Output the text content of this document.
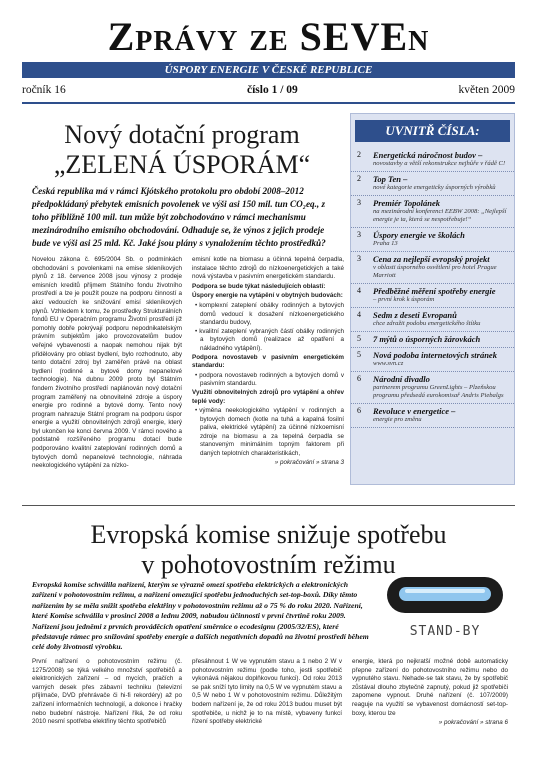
Zprávy ze SEVEn
ÚSPORY ENERGIE V ČESKÉ REPUBLICE
ročník 16	číslo 1 / 09	květen 2009
Nový dotační program
„ZELENÁ ÚSPORÁM“
Česká republika má v rámci Kjótského protokolu pro období 2008–2012 předpokládaný přebytek emisních povolenek ve výši asi 150 mil. tun CO₂eq., z toho přibližně 100 mil. tun může být zobchodováno v rámci mechanismu mezinárodního emisního obchodování. Odhaduje se, že výnos z jejich prodeje bude ve výši asi 25 mld. Kč. Jaké jsou plány s vynaložením těchto prostředků?

Novelou zákona č. 695/2004 Sb. o podmínkách obchodování s povolenkami na emise skleníkových plynů z 18. července 2008 jsou výnosy z prodeje emisních kreditů příjmem Státního fondu životního prostředí a lze je použít pouze na podporu činností a akcí vedoucích ke snižování emisí skleníkových plynů. Vzhledem k tomu, že prostředky Strukturálních fondů EU v Operačním programu Životní prostředí již pomohly dobře pokrývají podporu nepodnikatelským právním subjektům jako provozovatelům budov veřejné vybavenosti a naopak nemohou nijak být přidělovány pro oblast bydlení, bylo rozhodnuto, aby tento dotační zdroj byl zaměřen právě na oblast bydlení (rodinné a bytové domy nepanelové technologie). Na dubnu 2009 proto byl Státním fondem životního prostředí naplánován nový dotační program zaměřený na obnovitelné zdroje a úspory energie pro rodinné a bytové domy. Tento nový program nahrazuje Státní program na podporu úspor energie a využití obnovitelných zdrojů energie, který byl ukončen ke konci června 2009. V rámci nového a podstatně rozšířeného programu dotací bude podporováno kvalitní zateplování rodinných domů a bytových domů nepanelové technologie, náhrada neekologického vytápění za nízko-

emisní kotle na biomasu a účinná tepelná čerpadla, instalace těchto zdrojů do nízkoenergetických a také nová výstavba v pasivním energetickém standardu.

Podpora se bude týkat následujících oblastí:

Úspory energie na vytápění v obytných budovách:

• komplexní zateplení obálky rodinných a bytových domů vedoucí k dosažení nízkoenergetického standardu budovy,
• kvalitní zateplení vybraných částí obálky rodinných a bytových domů (realizace až opatření a nákladného vytápění).

Podpora novostaveb v pasivním energetickém standardu:

• podpora novostaveb rodinných a bytových domů v pasivním standardu.

Využití obnovitelných zdrojů pro vytápění a ohřev teplé vody:

• výměna neekologického vytápění v rodinných a bytových domech (kotle na tuhá a kapalná fosilní paliva, elektrické vytápění) za účinné nízkoemisní zdroje na biomasu a za tepelná čerpadla se stanoveným minimálním topným faktorem při daných teplotních charakteristikách,

» pokračování » strana 3

UVNITŘ ČÍSLA:
2 Energetická náročnost budov –
novostavby a větší rekonstrukce nejhůře v řádě C!
2 Top Ten –
nové kategorie energeticky úsporných výrobků
3 Premiér Topolánek
na mezinárodní konferenci EEBW 2008: „Nejlepší energie je ta, která se nespotřebuje!“
3 Úspory energie ve školách
Praha 13
3 Cena za nejlepší evropský projekt
v oblasti úsporného osvětlení pro hotel Prague Marriott
4 Předběžné měření spotřeby energie
– první krok k úsporám
4 Sedm z deseti Evropanů
chce zdražit podobu energetického štítku
5 7 mýtů o úsporných žárovkách
5 Nová podoba internetových stránek
www.svn.cz
6 Národní divadlo
partnerem programu GreenLights – Plzeňskou programu předsedá eurokomisař Andris Piebalgs
6 Revoluce v energetice –
energie pro změnu
Evropská komise snižuje spotřebu
v pohotovostním režimu
Evropská komise schválila nařízení, kterým se výrazně omezí spotřeba elektrických a elektronických zařízení v pohotovostním režimu, a nařízení omezující spotřebu jednoduchých set-top-boxů. Díky těmto nařízením by se měla snížit spotřeba elektřiny v pohotovostním režimu až o 75 % do roku 2020. Nařízení, které Komise schválila v prosinci 2008 a lednu 2009, nabudou účinnosti v první čtvrtině roku 2009. Nařízení jsou jedněmi z prvních prováděcích opatření směrnice o ecodesignu (2005/32/ES), které představuje rámec pro snižování spotřeby energie a dalších negativních dopadů na životní prostředí během celé doby životnosti výrobku.
STAND-BY

První nařízení o pohotovostním režimu (č. 1275/2008) se týká velkého množství spotřebičů a elektronických zařízení – od mycích, pračích a varných desek přes zábavní techniku (televizní přijímače, DVD přehrávače či hi-fi rekordéry) až po zařízení informačních technologií, a dokonce i hračky nebo budební nástroje. Nařízení říká, že od roku 2010 nesmí spotřeba elektřiny těchto spotřebičů

přesáhnout 1 W ve vypnutém stavu a 1 nebo 2 W v pohotovostním režimu (podle toho, jestli spotřebič vykonává nějakou doplňkovou funkci). Od roku 2013 se pak sníží tyto limity na 0,5 W ve vypnutém stavu a 0,5 W nebo 1 W v pohotovostním režimu. Důležitým bodem nařízení je, že od roku 2013 budou muset být spotřebiče, u nichž je to na místě, vybaveny funkcí řízení spotřeby elektrické

energie, která po nejkratší možné době automaticky přepne zařízení do pohotovostního režimu nebo do vypnutého stavu. Nehade-se tak stavu, že by spotřebič zůstával dlouho zbytečně zapnutý, pokud již spotřebiči zapomene vypnout. Druhé nařízení (č. 107/2009) reaguje na využití se vybavenost domácností set-top-boxy, kterou lze

» pokračování » strana 6
